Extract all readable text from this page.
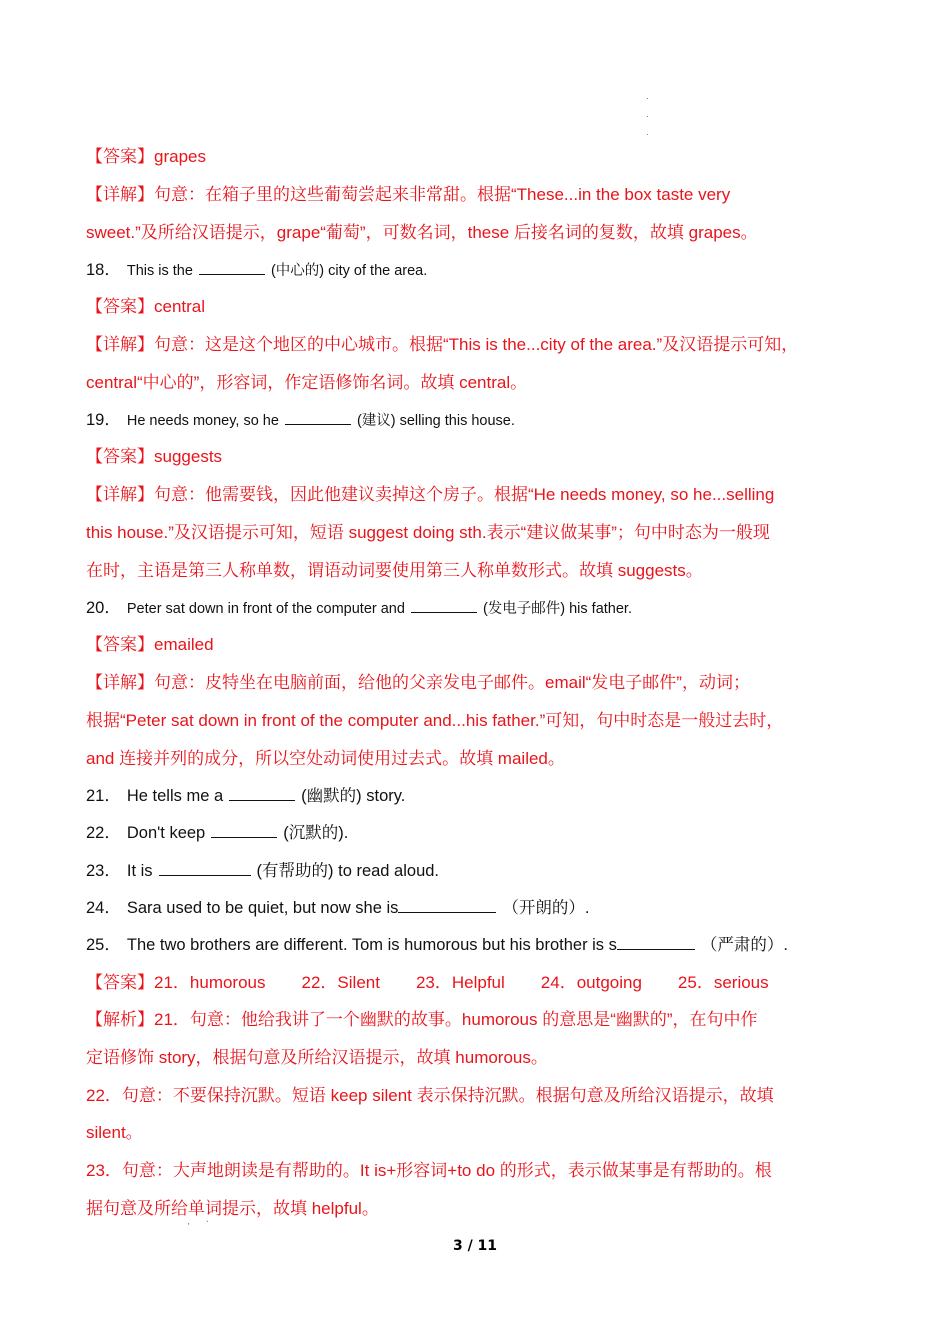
·
·
·

【答案】grapes

【详解】句意：在箱子里的这些葡萄尝起来非常甜。根据“These...in the box taste very

sweet.”及所给汉语提示，grape“葡萄”，可数名词，these 后接名词的复数，故填 grapes。

18． This is the	(中心的) city of the area.

【答案】central

【详解】句意：这是这个地区的中心城市。根据“This is the...city of the area.”及汉语提示可知，

central“中心的”，形容词，作定语修饰名词。故填 central。

19． He needs money, so he	(建议) selling this house.

【答案】suggests

【详解】句意：他需要钱，因此他建议卖掉这个房子。根据“He needs money, so he...selling

this house.”及汉语提示可知，短语 suggest doing sth.表示“建议做某事”；句中时态为一般现

在时，主语是第三人称单数，谓语动词要使用第三人称单数形式。故填 suggests。

20． Peter sat down in front of the computer and	(发电子邮件) his father.

【答案】emailed

【详解】句意：皮特坐在电脑前面，给他的父亲发电子邮件。email“发电子邮件”，动词；

根据“Peter sat down in front of the computer and...his father.”可知，句中时态是一般过去时，

and 连接并列的成分，所以空处动词使用过去式。故填 mailed。

21． He tells me a	(幽默的) story.

22． Don't keep	(沉默的).

23． It is	(有帮助的) to read aloud.

24． Sara used to be quiet, but now she is	（开朗的）.

25． The two brothers are different. Tom is humorous but his brother is s	（严肃的）.

【答案】21．humorous 22．Silent 23．Helpful 24．outgoing 25．serious

【解析】21．句意：他给我讲了一个幽默的故事。humorous 的意思是“幽默的”，在句中作

定语修饰 story，根据句意及所给汉语提示，故填 humorous。

22．句意：不要保持沉默。短语 keep silent 表示保持沉默。根据句意及所给汉语提示，故填

silent。

23．句意：大声地朗读是有帮助的。It is+形容词+to do 的形式，表示做某事是有帮助的。根

据句意及所给单词提示，故填 helpful。

' `
3 / 11
